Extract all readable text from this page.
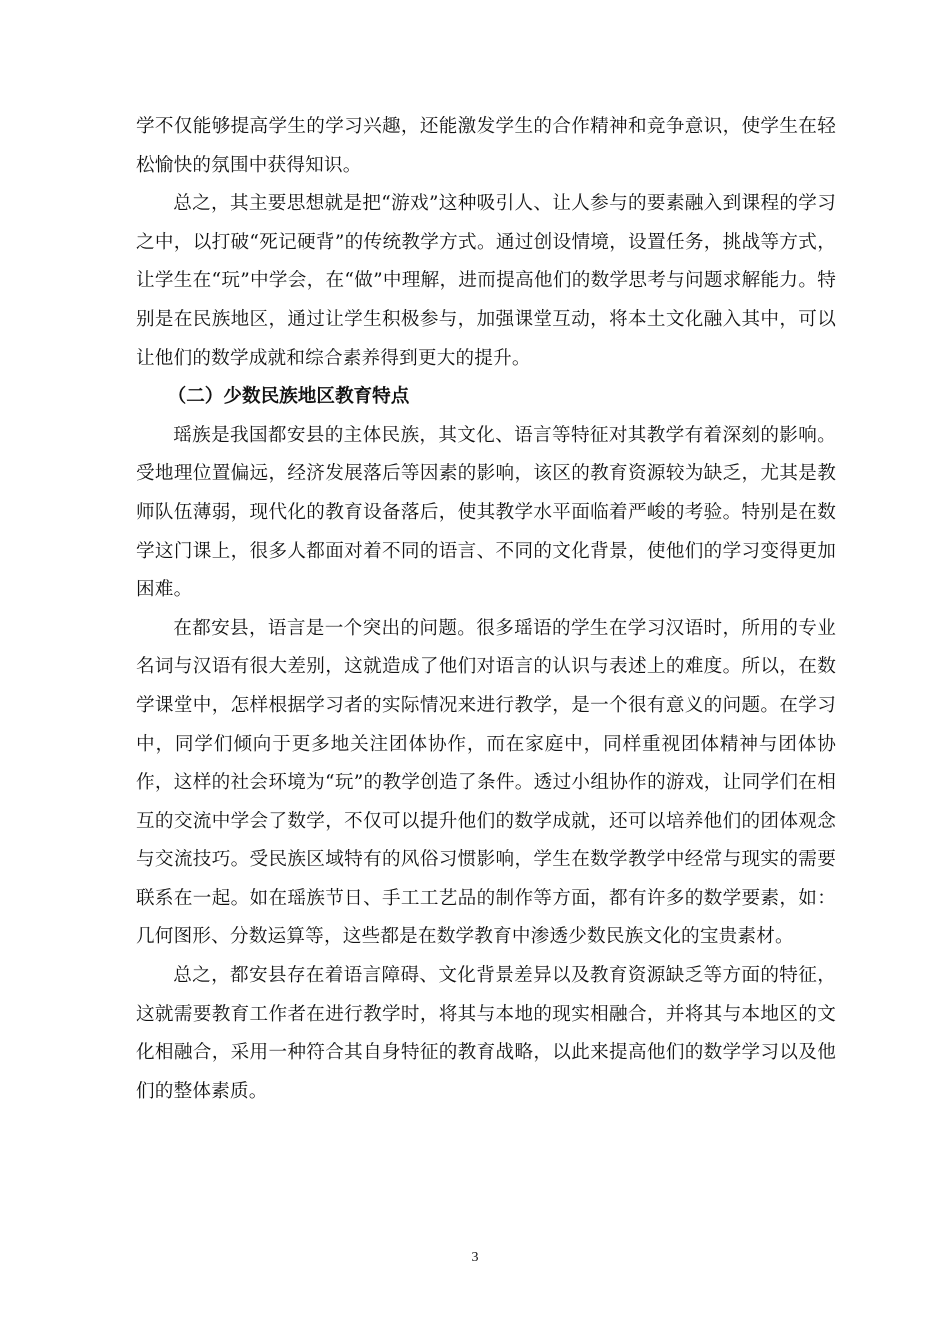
学不仅能够提高学生的学习兴趣，还能激发学生的合作精神和竞争意识，使学生在轻松愉快的氛围中获得知识。

总之，其主要思想就是把“游戏”这种吸引人、让人参与的要素融入到课程的学习之中，以打破“死记硬背”的传统教学方式。通过创设情境，设置任务，挑战等方式，让学生在“玩”中学会，在“做”中理解，进而提高他们的数学思考与问题求解能力。特别是在民族地区，通过让学生积极参与，加强课堂互动，将本土文化融入其中，可以让他们的数学成就和综合素养得到更大的提升。

（二）少数民族地区教育特点

瑶族是我国都安县的主体民族，其文化、语言等特征对其教学有着深刻的影响。受地理位置偏远，经济发展落后等因素的影响，该区的教育资源较为缺乏，尤其是教师队伍薄弱，现代化的教育设备落后，使其教学水平面临着严峻的考验。特别是在数学这门课上，很多人都面对着不同的语言、不同的文化背景，使他们的学习变得更加困难。

在都安县，语言是一个突出的问题。很多瑶语的学生在学习汉语时，所用的专业名词与汉语有很大差别，这就造成了他们对语言的认识与表述上的难度。所以，在数学课堂中，怎样根据学习者的实际情况来进行教学，是一个很有意义的问题。在学习中，同学们倾向于更多地关注团体协作，而在家庭中，同样重视团体精神与团体协作，这样的社会环境为“玩”的教学创造了条件。透过小组协作的游戏，让同学们在相互的交流中学会了数学，不仅可以提升他们的数学成就，还可以培养他们的团体观念与交流技巧。受民族区域特有的风俗习惯影响，学生在数学教学中经常与现实的需要联系在一起。如在瑶族节日、手工工艺品的制作等方面，都有许多的数学要素，如：几何图形、分数运算等，这些都是在数学教育中渗透少数民族文化的宝贵素材。

总之，都安县存在着语言障碍、文化背景差异以及教育资源缺乏等方面的特征，这就需要教育工作者在进行教学时，将其与本地的现实相融合，并将其与本地区的文化相融合，采用一种符合其自身特征的教育战略，以此来提高他们的数学学习以及他们的整体素质。

3
